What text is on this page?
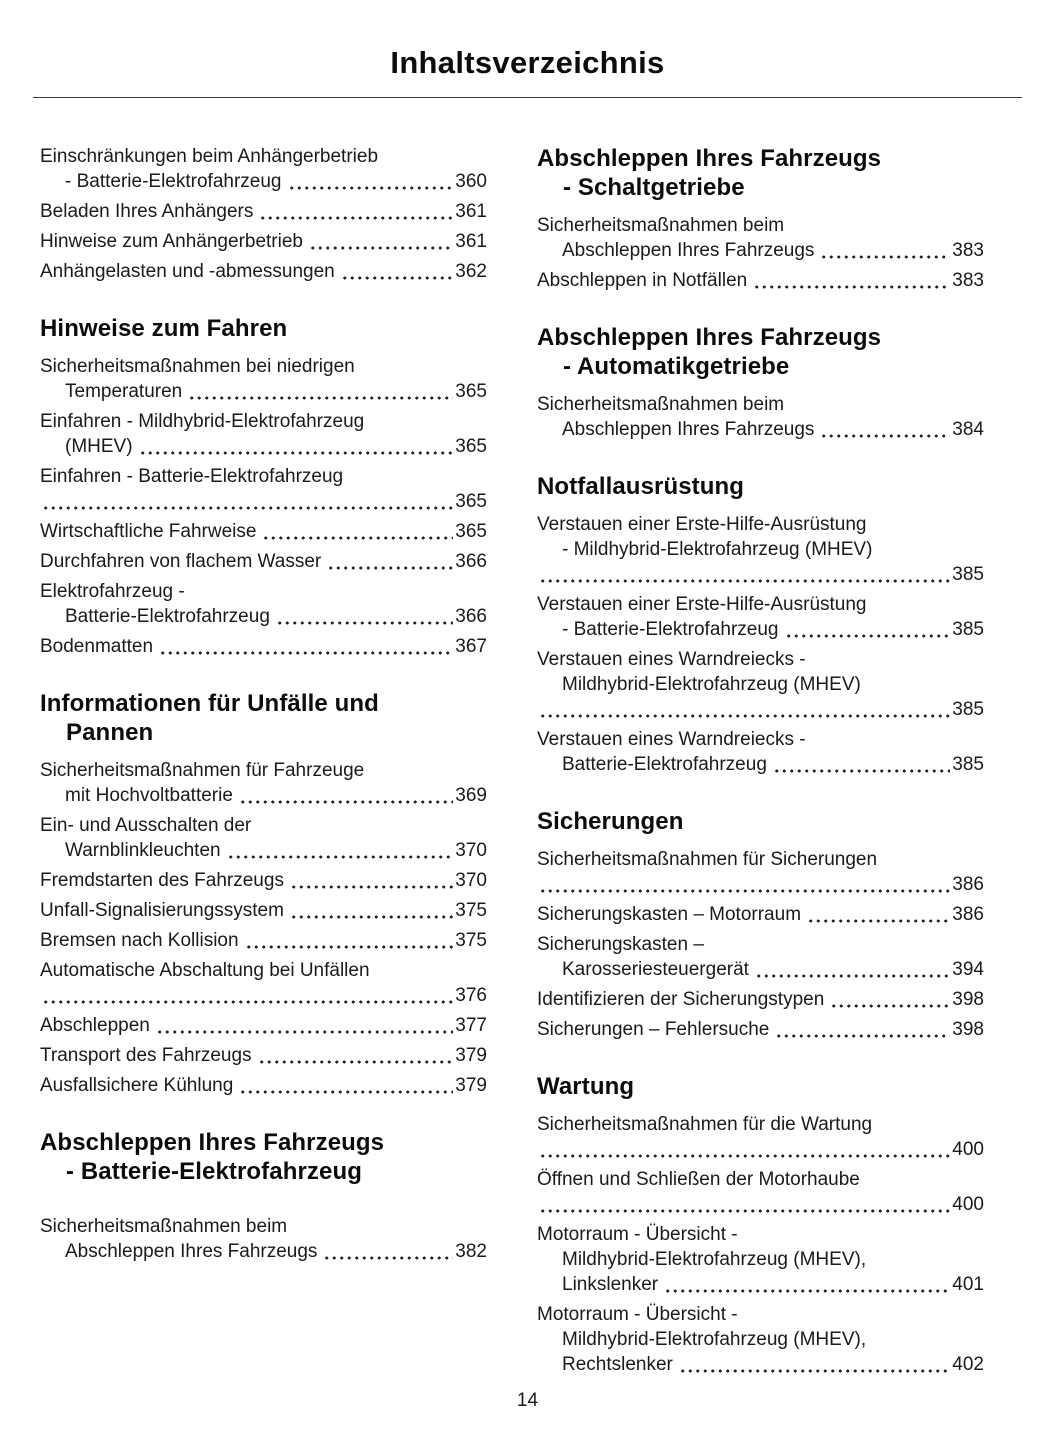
Inhaltsverzeichnis
Einschränkungen beim Anhängerbetrieb
- Batterie-Elektrofahrzeug	360
Beladen Ihres Anhängers	361
Hinweise zum Anhängerbetrieb	361
Anhängelasten und -abmessungen	362
Hinweise zum Fahren
Sicherheitsmaßnahmen bei niedrigen
Temperaturen	365
Einfahren - Mildhybrid-Elektrofahrzeug
(MHEV)	365
Einfahren - Batterie-Elektrofahrzeug
365
Wirtschaftliche Fahrweise	365
Durchfahren von flachem Wasser	366
Elektrofahrzeug -
Batterie-Elektrofahrzeug	366
Bodenmatten	367
Informationen für Unfälle und
Pannen
Sicherheitsmaßnahmen für Fahrzeuge
mit Hochvoltbatterie	369
Ein- und Ausschalten der
Warnblinkleuchten	370
Fremdstarten des Fahrzeugs	370
Unfall-Signalisierungssystem	375
Bremsen nach Kollision	375
Automatische Abschaltung bei Unfällen
376
Abschleppen	377
Transport des Fahrzeugs	379
Ausfallsichere Kühlung	379
Abschleppen Ihres Fahrzeugs
- Batterie-Elektrofahrzeug
Sicherheitsmaßnahmen beim
Abschleppen Ihres Fahrzeugs	382
Abschleppen Ihres Fahrzeugs
- Schaltgetriebe
Sicherheitsmaßnahmen beim
Abschleppen Ihres Fahrzeugs	383
Abschleppen in Notfällen	383
Abschleppen Ihres Fahrzeugs
- Automatikgetriebe
Sicherheitsmaßnahmen beim
Abschleppen Ihres Fahrzeugs	384
Notfallausrüstung
Verstauen einer Erste-Hilfe-Ausrüstung
- Mildhybrid-Elektrofahrzeug (MHEV)
385
Verstauen einer Erste-Hilfe-Ausrüstung
- Batterie-Elektrofahrzeug	385
Verstauen eines Warndreiecks -
Mildhybrid-Elektrofahrzeug (MHEV)
385
Verstauen eines Warndreiecks -
Batterie-Elektrofahrzeug	385
Sicherungen
Sicherheitsmaßnahmen für Sicherungen
386
Sicherungskasten – Motorraum	386
Sicherungskasten –
Karosseriesteuergerät	394
Identifizieren der Sicherungstypen	398
Sicherungen – Fehlersuche	398
Wartung
Sicherheitsmaßnahmen für die Wartung
400
Öffnen und Schließen der Motorhaube
400
Motorraum - Übersicht -
Mildhybrid-Elektrofahrzeug (MHEV),
Linkslenker	401
Motorraum - Übersicht -
Mildhybrid-Elektrofahrzeug (MHEV),
Rechtslenker	402
14
